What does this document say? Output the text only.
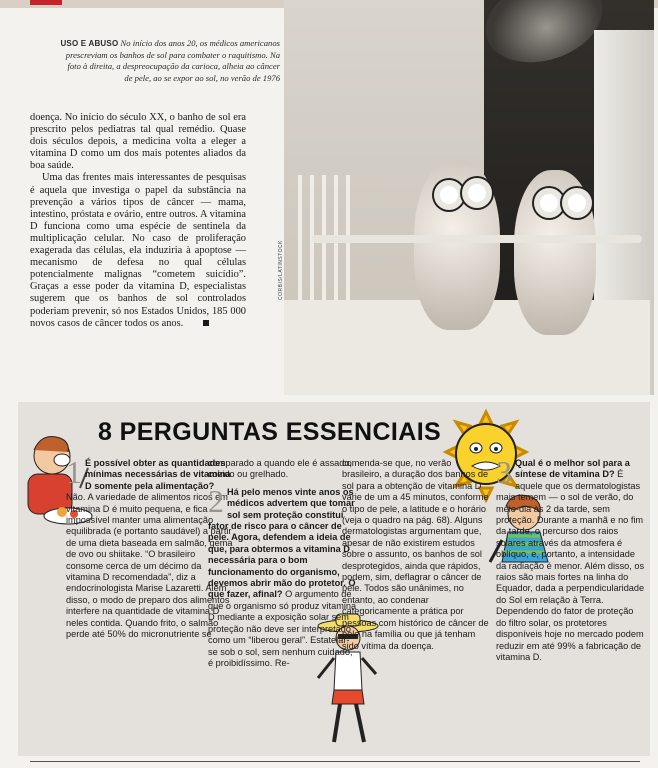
CORBIS/LATINSTOCK
USO E ABUSO No início dos anos 20, os médicos americanos prescreviam os banhos de sol para combater o raquitismo. Na foto à direita, a despreocupação da carioca, alheia ao câncer de pele, ao se expor ao sol, no verão de 1976

doença. No início do século XX, o banho de sol era prescrito pelos pediatras tal qual remédio. Quase dois séculos depois, a medicina volta a eleger a vitamina D como um dos mais potentes aliados da boa saúde.

Uma das frentes mais interessantes de pesquisas é aquela que investiga o papel da substância na prevenção a vários tipos de câncer — mama, intestino, próstata e ovário, entre outros. A vitamina D funciona como uma espécie de sentinela da multiplicação celular. No caso de proliferação exagerada das células, ela induziria à apoptose — mecanismo de defesa no qual células potencialmente malignas “cometem suicídio”. Graças a esse poder da vitamina D, especialistas sugerem que os banhos de sol controlados poderiam prevenir, só nos Estados Unidos, 185 000 novos casos de câncer todos os anos.

8 PERGUNTAS ESSENCIAIS

1 É possível obter as quantidades mínimas necessárias de vitamina D somente pela alimentação? Não. A variedade de alimentos ricos em vitamina D é muito pequena, e fica impossível manter uma alimentação equilibrada (e portanto saudável) a partir de uma dieta baseada em salmão, gema de ovo ou shiitake. “O brasileiro consome cerca de um décimo da vitamina D recomendada”, diz a endocrinologista Marise Lazaretti. Além disso, o modo de preparo dos alimentos interfere na quantidade de vitamina D neles contida. Quando frito, o salmão perde até 50% do micronutriente se

comparado a quando ele é assado, cozido ou grelhado.

2 Há pelo menos vinte anos os médicos advertem que tomar sol sem proteção constitui fator de risco para o câncer de pele. Agora, defendem a ideia de que, para obtermos a vitamina D necessária para o bom funcionamento do organismo, devemos abrir mão do protetor. O que fazer, afinal? O argumento de que o organismo só produz vitamina D mediante a exposição solar sem proteção não deve ser interpretado como um “liberou geral”. Estatelar-se sob o sol, sem nenhum cuidado, é proibidíssimo. Re-

comenda-se que, no verão brasileiro, a duração dos banhos de sol para a obtenção de vitamina D varie de um a 45 minutos, conforme o tipo de pele, a latitude e o horário (veja o quadro na pág. 68). Alguns dermatologistas argumentam que, apesar de não existirem estudos sobre o assunto, os banhos de sol desprotegidos, ainda que rápidos, podem, sim, deflagrar o câncer de pele. Todos são unânimes, no entanto, ao condenar categoricamente a prática por pessoas com histórico de câncer de pele na família ou que já tenham sido vítima da doença.

3 Qual é o melhor sol para a síntese de vitamina D? É aquele que os dermatologistas mais temem — o sol de verão, do meio-dia às 2 da tarde, sem proteção. Durante a manhã e no fim da tarde, o percurso dos raios solares através da atmosfera é oblíquo, e, portanto, a intensidade da radiação é menor. Além disso, os raios são mais fortes na linha do Equador, dada a perpendicularidade do Sol em relação à Terra. Dependendo do fator de proteção do filtro solar, os protetores disponíveis hoje no mercado podem reduzir em até 99% a fabricação de vitamina D.
